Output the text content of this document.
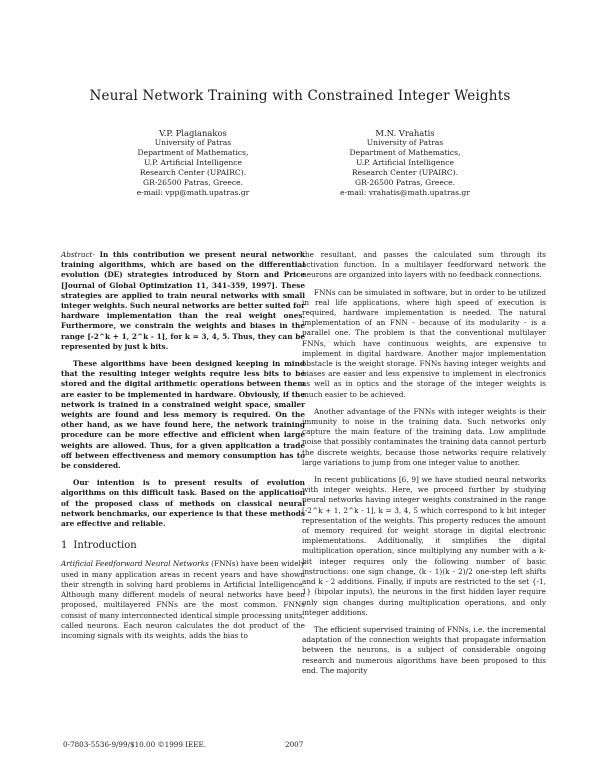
Neural Network Training with Constrained Integer Weights
V.P. Plagianakos
University of Patras
Department of Mathematics,
U.P. Artificial Intelligence
Research Center (UPAIRC).
GR-26500 Patras, Greece.
e-mail: vpp@math.upatras.gr
M.N. Vrahatis
University of Patras
Department of Mathematics,
U.P. Artificial Intelligence
Research Center (UPAIRC).
GR-26500 Patras, Greece.
e-mail: vrahatis@math.upatras.gr

Abstract- In this contribution we present neural network training algorithms, which are based on the differential evolution (DE) strategies introduced by Storn and Price [Journal of Global Optimization 11, 341-359, 1997]. These strategies are applied to train neural networks with small integer weights. Such neural networks are better suited for hardware implementation than the real weight ones. Furthermore, we constrain the weights and biases in the range [-2^k + 1, 2^k - 1], for k = 3, 4, 5. Thus, they can be represented by just k bits.

These algorithms have been designed keeping in mind that the resulting integer weights require less bits to be stored and the digital arithmetic operations between them are easier to be implemented in hardware. Obviously, if the network is trained in a constrained weight space, smaller weights are found and less memory is required. On the other hand, as we have found here, the network training procedure can be more effective and efficient when large weights are allowed. Thus, for a given application a trade off between effectiveness and memory consumption has to be considered.

Our intention is to present results of evolution algorithms on this difficult task. Based on the application of the proposed class of methods on classical neural network benchmarks, our experience is that these methods are effective and reliable.

1 Introduction

Artificial Feedforward Neural Networks (FNNs) have been widely used in many application areas in recent years and have shown their strength in solving hard problems in Artificial Intelligence. Although many different models of neural networks have been proposed, multilayered FNNs are the most common. FNNs consist of many interconnected identical simple processing units, called neurons. Each neuron calculates the dot product of the incoming signals with its weights, adds the bias to

the resultant, and passes the calculated sum through its activation function. In a multilayer feedforward network the neurons are organized into layers with no feedback connections.

FNNs can be simulated in software, but in order to be utilized in real life applications, where high speed of execution is required, hardware implementation is needed. The natural implementation of an FNN - because of its modularity - is a parallel one. The problem is that the conventional multilayer FNNs, which have continuous weights, are expensive to implement in digital hardware. Another major implementation obstacle is the weight storage. FNNs having integer weights and biases are easier and less expensive to implement in electronics as well as in optics and the storage of the integer weights is much easier to be achieved.

Another advantage of the FNNs with integer weights is their immunity to noise in the training data. Such networks only capture the main feature of the training data. Low amplitude noise that possibly contaminates the training data cannot perturb the discrete weights, because those networks require relatively large variations to jump from one integer value to another.

In recent publications [6, 9] we have studied neural networks with integer weights. Here, we proceed further by studying neural networks having integer weights constrained in the range [-2^k + 1, 2^k - 1], k = 3, 4, 5 which correspond to k bit integer representation of the weights. This property reduces the amount of memory required for weight storage in digital electronic implementations. Additionally, it simplifies the digital multiplication operation, since multiplying any number with a k-bit integer requires only the following number of basic instructions: one sign change, (k - 1)(k - 2)/2 one-step left shifts and k - 2 additions. Finally, if inputs are restricted to the set {-1, 1} (bipolar inputs), the neurons in the first hidden layer require only sign changes during multiplication operations, and only integer additions.

The efficient supervised training of FNNs, i.e. the incremental adaptation of the connection weights that propagate information between the neurons, is a subject of considerable ongoing research and numerous algorithms have been proposed to this end. The majority

0-7803-5536-9/99/$10.00 ©1999 IEEE.	2007
